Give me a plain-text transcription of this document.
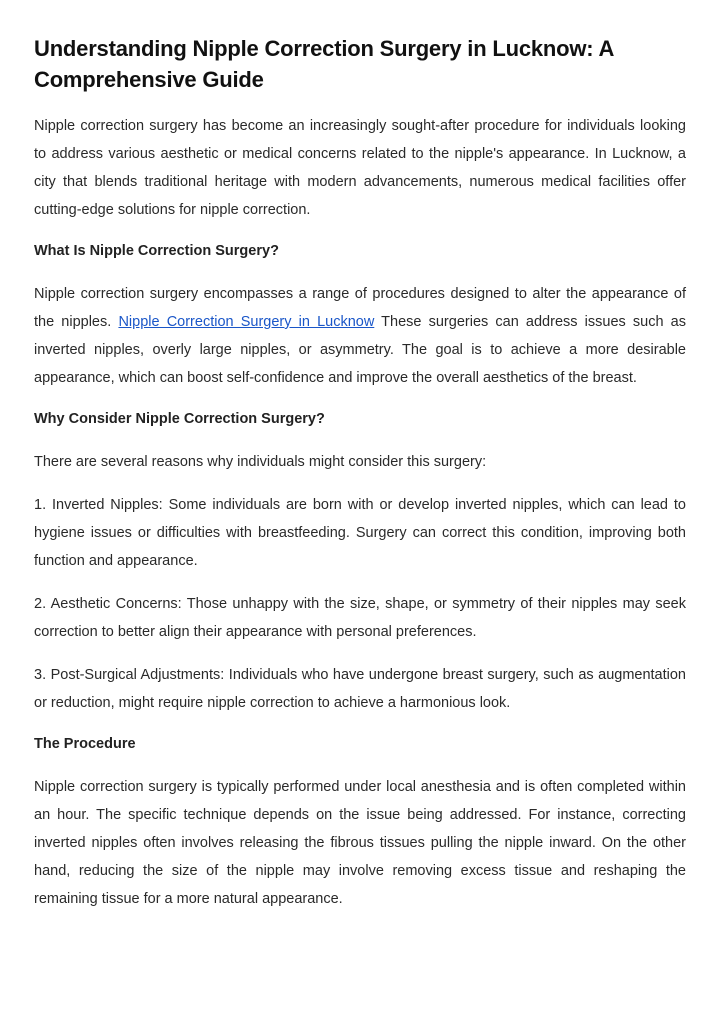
Understanding Nipple Correction Surgery in Lucknow: A Comprehensive Guide

Nipple correction surgery has become an increasingly sought-after procedure for individuals looking to address various aesthetic or medical concerns related to the nipple's appearance. In Lucknow, a city that blends traditional heritage with modern advancements, numerous medical facilities offer cutting-edge solutions for nipple correction.

What Is Nipple Correction Surgery?

Nipple correction surgery encompasses a range of procedures designed to alter the appearance of the nipples. Nipple Correction Surgery in Lucknow These surgeries can address issues such as inverted nipples, overly large nipples, or asymmetry. The goal is to achieve a more desirable appearance, which can boost self-confidence and improve the overall aesthetics of the breast.

Why Consider Nipple Correction Surgery?

There are several reasons why individuals might consider this surgery:

1. Inverted Nipples: Some individuals are born with or develop inverted nipples, which can lead to hygiene issues or difficulties with breastfeeding. Surgery can correct this condition, improving both function and appearance.

2. Aesthetic Concerns: Those unhappy with the size, shape, or symmetry of their nipples may seek correction to better align their appearance with personal preferences.

3. Post-Surgical Adjustments: Individuals who have undergone breast surgery, such as augmentation or reduction, might require nipple correction to achieve a harmonious look.

The Procedure

Nipple correction surgery is typically performed under local anesthesia and is often completed within an hour. The specific technique depends on the issue being addressed. For instance, correcting inverted nipples often involves releasing the fibrous tissues pulling the nipple inward. On the other hand, reducing the size of the nipple may involve removing excess tissue and reshaping the remaining tissue for a more natural appearance.
